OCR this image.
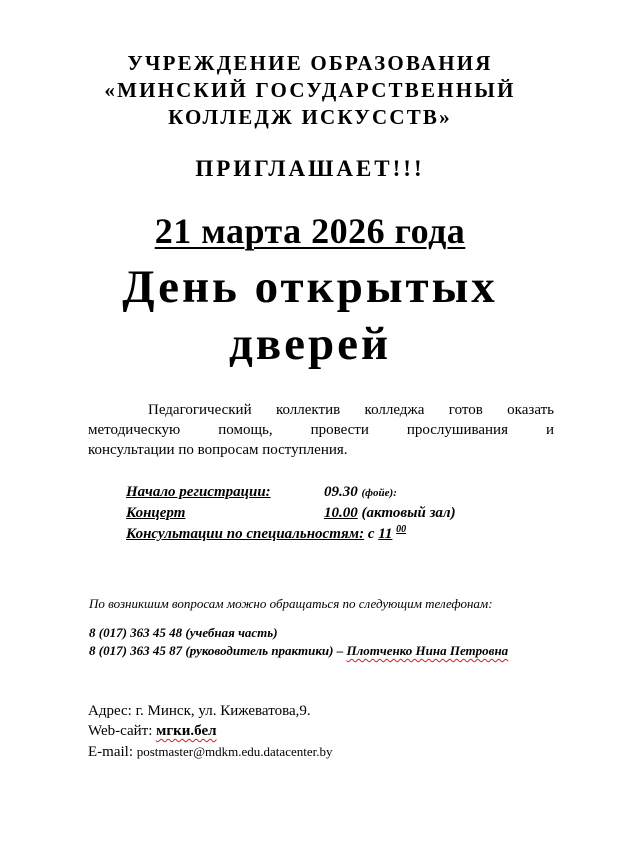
УЧРЕЖДЕНИЕ ОБРАЗОВАНИЯ
«МИНСКИЙ ГОСУДАРСТВЕННЫЙ
КОЛЛЕДЖ ИСКУССТВ»
ПРИГЛАШАЕТ!!!
21 марта 2026 года
День открытых
дверей
Педагогический коллектив колледжа готов оказать
методическую помощь, провести прослушивания и
консультации по вопросам поступления.
Начало регистрации:	09.30 (фойе):
Концерт	10.00 (актовый зал)
Консультации по специальностям: с 11 $^{00}$
По возникшим вопросам можно обращаться по следующим телефонам:
8 (017) 363 45 48 (учебная часть)
8 (017) 363 45 87 (руководитель практики) – Плотченко Нина Петровна
Адрес: г. Минск, ул. Кижеватова,9.
Web-сайт: мгки.бел
E-mail: postmaster@mdkm.edu.datacenter.by
